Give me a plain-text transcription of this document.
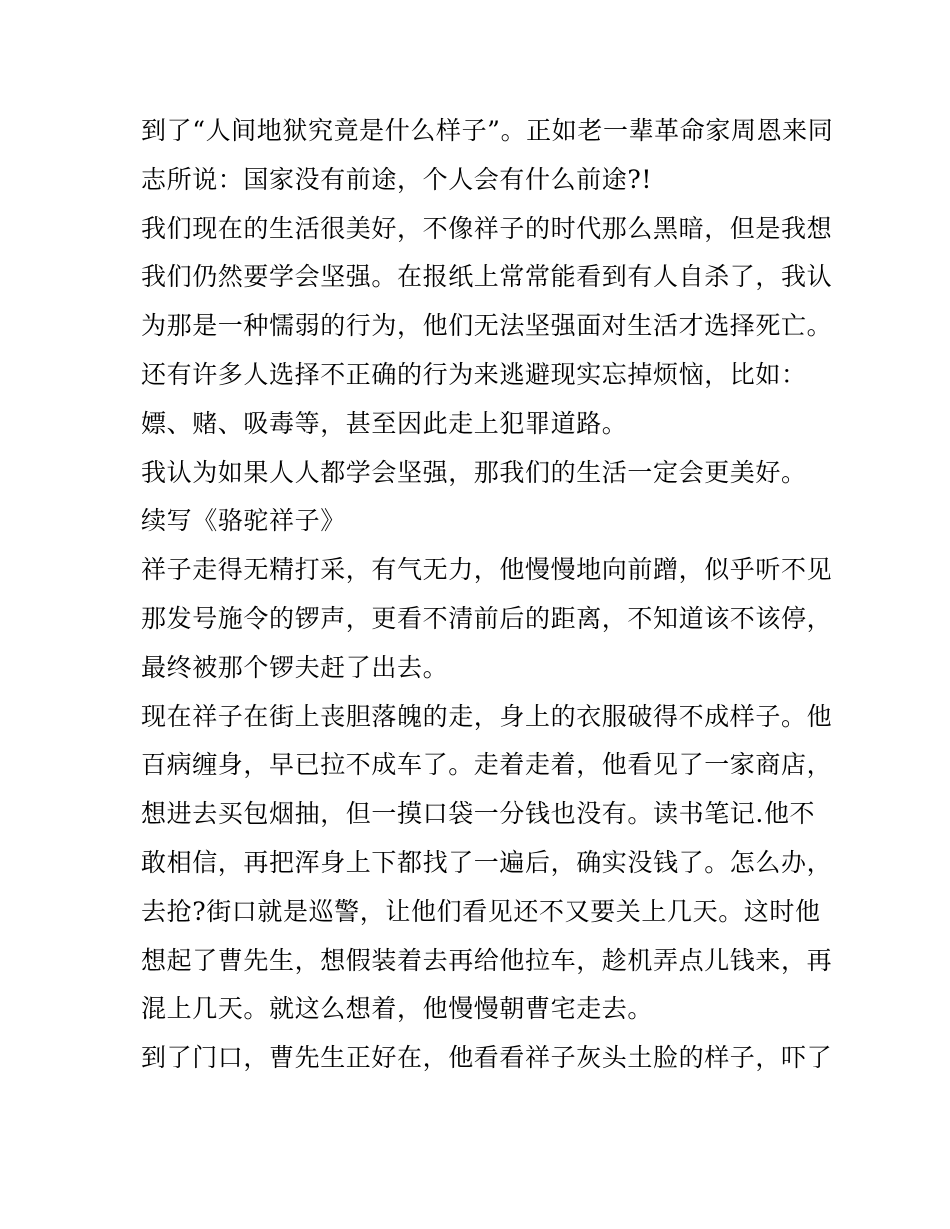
到了“人间地狱究竟是什么样子”。正如老一辈革命家周恩来同
志所说：国家没有前途，个人会有什么前途?!
我们现在的生活很美好，不像祥子的时代那么黑暗，但是我想
我们仍然要学会坚强。在报纸上常常能看到有人自杀了，我认
为那是一种懦弱的行为，他们无法坚强面对生活才选择死亡。
还有许多人选择不正确的行为来逃避现实忘掉烦恼，比如：
嫖、赌、吸毒等，甚至因此走上犯罪道路。
我认为如果人人都学会坚强，那我们的生活一定会更美好。
续写《骆驼祥子》
祥子走得无精打采，有气无力，他慢慢地向前蹭，似乎听不见
那发号施令的锣声，更看不清前后的距离，不知道该不该停，
最终被那个锣夫赶了出去。
现在祥子在街上丧胆落魄的走，身上的衣服破得不成样子。他
百病缠身，早已拉不成车了。走着走着，他看见了一家商店，
想进去买包烟抽，但一摸口袋一分钱也没有。读书笔记.他不
敢相信，再把浑身上下都找了一遍后，确实没钱了。怎么办，
去抢?街口就是巡警，让他们看见还不又要关上几天。这时他
想起了曹先生，想假装着去再给他拉车，趁机弄点儿钱来，再
混上几天。就这么想着，他慢慢朝曹宅走去。
到了门口，曹先生正好在，他看看祥子灰头土脸的样子，吓了
